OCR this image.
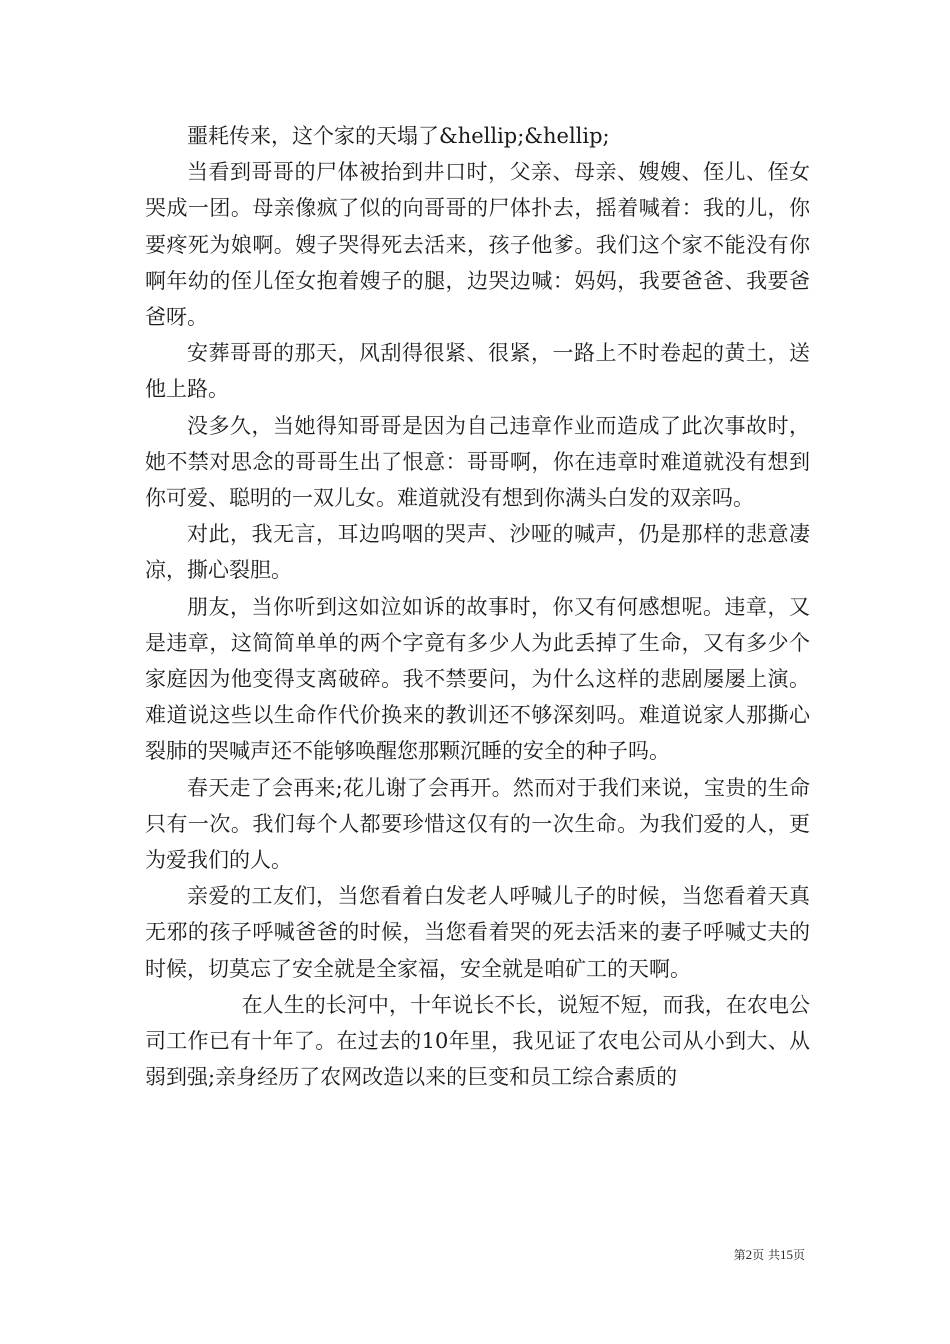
噩耗传来，这个家的天塌了&hellip;&hellip;

当看到哥哥的尸体被抬到井口时，父亲、母亲、嫂嫂、侄儿、侄女哭成一团。母亲像疯了似的向哥哥的尸体扑去，摇着喊着：我的儿，你要疼死为娘啊。嫂子哭得死去活来，孩子他爹。我们这个家不能没有你啊年幼的侄儿侄女抱着嫂子的腿，边哭边喊：妈妈，我要爸爸、我要爸爸呀。

安葬哥哥的那天，风刮得很紧、很紧，一路上不时卷起的黄土，送他上路。

没多久，当她得知哥哥是因为自己违章作业而造成了此次事故时，她不禁对思念的哥哥生出了恨意：哥哥啊，你在违章时难道就没有想到你可爱、聪明的一双儿女。难道就没有想到你满头白发的双亲吗。

对此，我无言，耳边呜咽的哭声、沙哑的喊声，仍是那样的悲意凄凉，撕心裂胆。

朋友，当你听到这如泣如诉的故事时，你又有何感想呢。违章，又是违章，这简简单单的两个字竟有多少人为此丢掉了生命，又有多少个家庭因为他变得支离破碎。我不禁要问，为什么这样的悲剧屡屡上演。难道说这些以生命作代价换来的教训还不够深刻吗。难道说家人那撕心裂肺的哭喊声还不能够唤醒您那颗沉睡的安全的种子吗。

春天走了会再来;花儿谢了会再开。然而对于我们来说，宝贵的生命只有一次。我们每个人都要珍惜这仅有的一次生命。为我们爱的人，更为爱我们的人。

亲爱的工友们，当您看着白发老人呼喊儿子的时候，当您看着天真无邪的孩子呼喊爸爸的时候，当您看着哭的死去活来的妻子呼喊丈夫的时候，切莫忘了安全就是全家福，安全就是咱矿工的天啊。

在人生的长河中，十年说长不长，说短不短，而我，在农电公司工作已有十年了。在过去的10年里，我见证了农电公司从小到大、从弱到强;亲身经历了农网改造以来的巨变和员工综合素质的

第2页 共15页
